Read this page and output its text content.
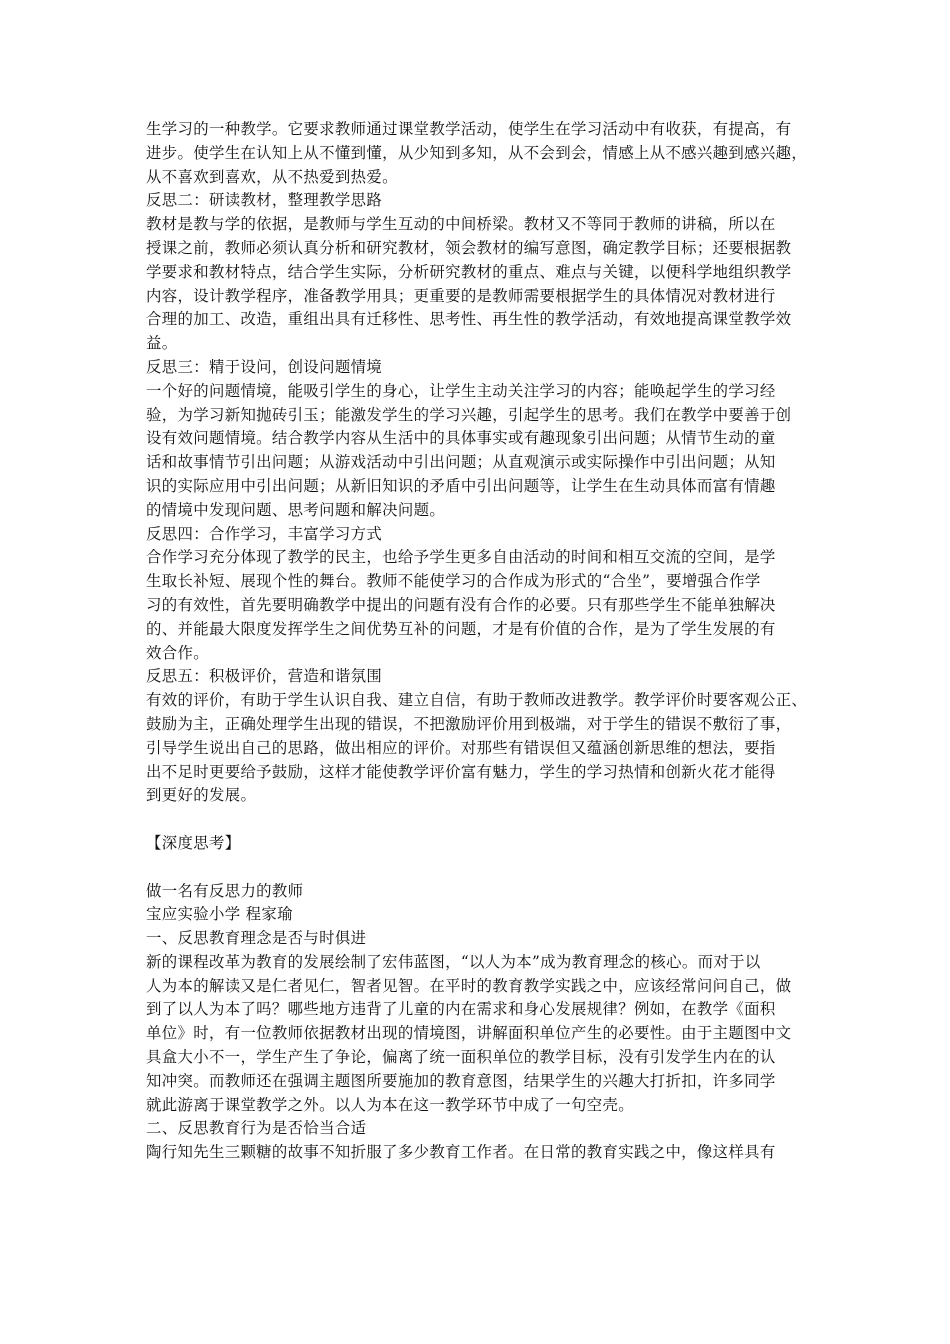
生学习的一种教学。它要求教师通过课堂教学活动，使学生在学习活动中有收获，有提高，有
进步。使学生在认知上从不懂到懂，从少知到多知，从不会到会，情感上从不感兴趣到感兴趣，
从不喜欢到喜欢，从不热爱到热爱。
反思二：研读教材，整理教学思路
教材是教与学的依据，是教师与学生互动的中间桥梁。教材又不等同于教师的讲稿，所以在
授课之前，教师必须认真分析和研究教材，领会教材的编写意图，确定教学目标；还要根据教
学要求和教材特点，结合学生实际，分析研究教材的重点、难点与关键，以便科学地组织教学
内容，设计教学程序，准备教学用具；更重要的是教师需要根据学生的具体情况对教材进行
合理的加工、改造，重组出具有迁移性、思考性、再生性的教学活动，有效地提高课堂教学效
益。
反思三：精于设问，创设问题情境
一个好的问题情境，能吸引学生的身心，让学生主动关注学习的内容；能唤起学生的学习经
验，为学习新知抛砖引玉；能激发学生的学习兴趣，引起学生的思考。我们在教学中要善于创
设有效问题情境。结合教学内容从生活中的具体事实或有趣现象引出问题；从情节生动的童
话和故事情节引出问题；从游戏活动中引出问题；从直观演示或实际操作中引出问题；从知
识的实际应用中引出问题；从新旧知识的矛盾中引出问题等，让学生在生动具体而富有情趣
的情境中发现问题、思考问题和解决问题。
反思四：合作学习，丰富学习方式
合作学习充分体现了教学的民主，也给予学生更多自由活动的时间和相互交流的空间，是学
生取长补短、展现个性的舞台。教师不能使学习的合作成为形式的“合坐”，要增强合作学
习的有效性，首先要明确教学中提出的问题有没有合作的必要。只有那些学生不能单独解决
的、并能最大限度发挥学生之间优势互补的问题，才是有价值的合作，是为了学生发展的有
效合作。
反思五：积极评价，营造和谐氛围
有效的评价，有助于学生认识自我、建立自信，有助于教师改进教学。教学评价时要客观公正、
鼓励为主，正确处理学生出现的错误，不把激励评价用到极端，对于学生的错误不敷衍了事，
引导学生说出自己的思路，做出相应的评价。对那些有错误但又蕴涵创新思维的想法，要指
出不足时更要给予鼓励，这样才能使教学评价富有魅力，学生的学习热情和创新火花才能得
到更好的发展。
【深度思考】
做一名有反思力的教师
宝应实验小学 程家瑜
一、反思教育理念是否与时俱进
新的课程改革为教育的发展绘制了宏伟蓝图，“以人为本”成为教育理念的核心。而对于以
人为本的解读又是仁者见仁，智者见智。在平时的教育教学实践之中，应该经常问问自己，做
到了以人为本了吗？哪些地方违背了儿童的内在需求和身心发展规律？例如，在教学《面积
单位》时，有一位教师依据教材出现的情境图，讲解面积单位产生的必要性。由于主题图中文
具盒大小不一，学生产生了争论，偏离了统一面积单位的教学目标，没有引发学生内在的认
知冲突。而教师还在强调主题图所要施加的教育意图，结果学生的兴趣大打折扣，许多同学
就此游离于课堂教学之外。以人为本在这一教学环节中成了一句空壳。
二、反思教育行为是否恰当合适
陶行知先生三颗糖的故事不知折服了多少教育工作者。在日常的教育实践之中，像这样具有
